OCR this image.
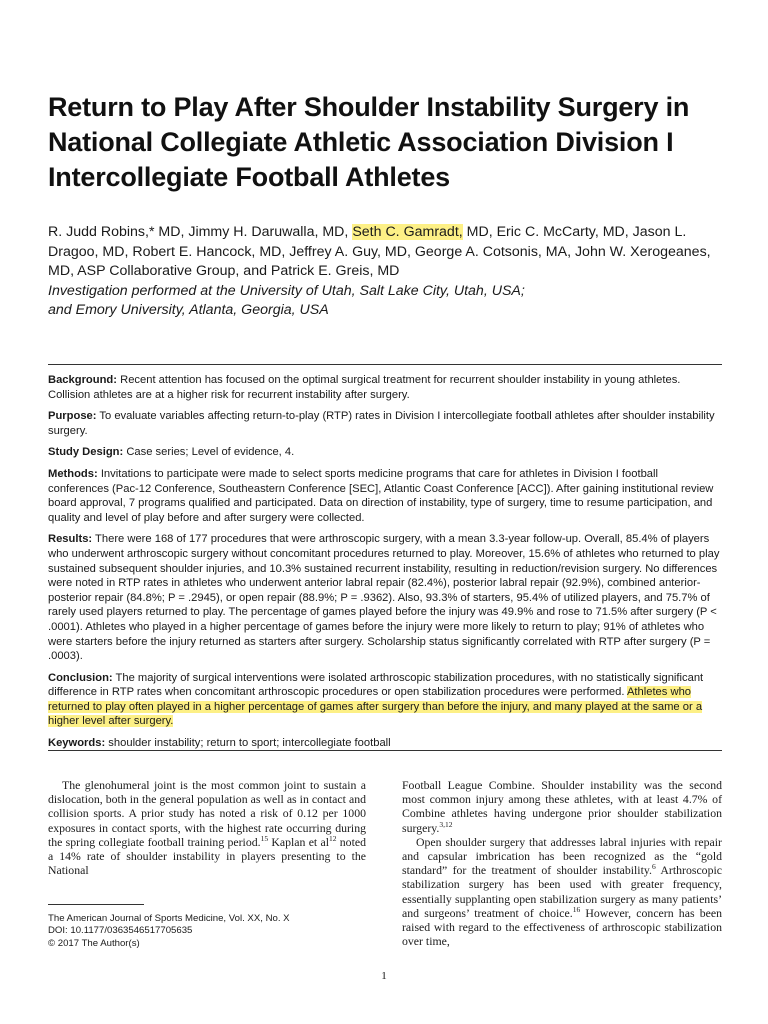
Return to Play After Shoulder Instability Surgery in National Collegiate Athletic Association Division I Intercollegiate Football Athletes
R. Judd Robins,* MD, Jimmy H. Daruwalla, MD, Seth C. Gamradt, MD, Eric C. McCarty, MD, Jason L. Dragoo, MD, Robert E. Hancock, MD, Jeffrey A. Guy, MD, George A. Cotsonis, MA, John W. Xerogeanes, MD, ASP Collaborative Group, and Patrick E. Greis, MD
Investigation performed at the University of Utah, Salt Lake City, Utah, USA;
and Emory University, Atlanta, Georgia, USA

Background: Recent attention has focused on the optimal surgical treatment for recurrent shoulder instability in young athletes. Collision athletes are at a higher risk for recurrent instability after surgery.

Purpose: To evaluate variables affecting return-to-play (RTP) rates in Division I intercollegiate football athletes after shoulder instability surgery.

Study Design: Case series; Level of evidence, 4.

Methods: Invitations to participate were made to select sports medicine programs that care for athletes in Division I football conferences (Pac-12 Conference, Southeastern Conference [SEC], Atlantic Coast Conference [ACC]). After gaining institutional review board approval, 7 programs qualified and participated. Data on direction of instability, type of surgery, time to resume participation, and quality and level of play before and after surgery were collected.

Results: There were 168 of 177 procedures that were arthroscopic surgery, with a mean 3.3-year follow-up. Overall, 85.4% of players who underwent arthroscopic surgery without concomitant procedures returned to play. Moreover, 15.6% of athletes who returned to play sustained subsequent shoulder injuries, and 10.3% sustained recurrent instability, resulting in reduction/revision surgery. No differences were noted in RTP rates in athletes who underwent anterior labral repair (82.4%), posterior labral repair (92.9%), combined anterior-posterior repair (84.8%; P = .2945), or open repair (88.9%; P = .9362). Also, 93.3% of starters, 95.4% of utilized players, and 75.7% of rarely used players returned to play. The percentage of games played before the injury was 49.9% and rose to 71.5% after surgery (P < .0001). Athletes who played in a higher percentage of games before the injury were more likely to return to play; 91% of athletes who were starters before the injury returned as starters after surgery. Scholarship status significantly correlated with RTP after surgery (P = .0003).

Conclusion: The majority of surgical interventions were isolated arthroscopic stabilization procedures, with no statistically significant difference in RTP rates when concomitant arthroscopic procedures or open stabilization procedures were performed. Athletes who returned to play often played in a higher percentage of games after surgery than before the injury, and many played at the same or a higher level after surgery.

Keywords: shoulder instability; return to sport; intercollegiate football

The glenohumeral joint is the most common joint to sustain a dislocation, both in the general population as well as in contact and collision sports. A prior study has noted a risk of 0.12 per 1000 exposures in contact sports, with the highest rate occurring during the spring collegiate football training period.$^{15}$ Kaplan et $al^{12}$ noted a 14% rate of shoulder instability in players presenting to the National

Football League Combine. Shoulder instability was the second most common injury among these athletes, with at least 4.7% of Combine athletes having undergone prior shoulder stabilization surgery.$^{3,12}$

Open shoulder surgery that addresses labral injuries with repair and capsular imbrication has been recognized as the “gold standard” for the treatment of shoulder instability.$^6$ Arthroscopic stabilization surgery has been used with greater frequency, essentially supplanting open stabilization surgery as many patients’ and surgeons’ treatment of choice.$^{16}$ However, concern has been raised with regard to the effectiveness of arthroscopic stabilization over time,

The American Journal of Sports Medicine, Vol. XX, No. X
DOI: 10.1177/0363546517705635
© 2017 The Author(s)
1
